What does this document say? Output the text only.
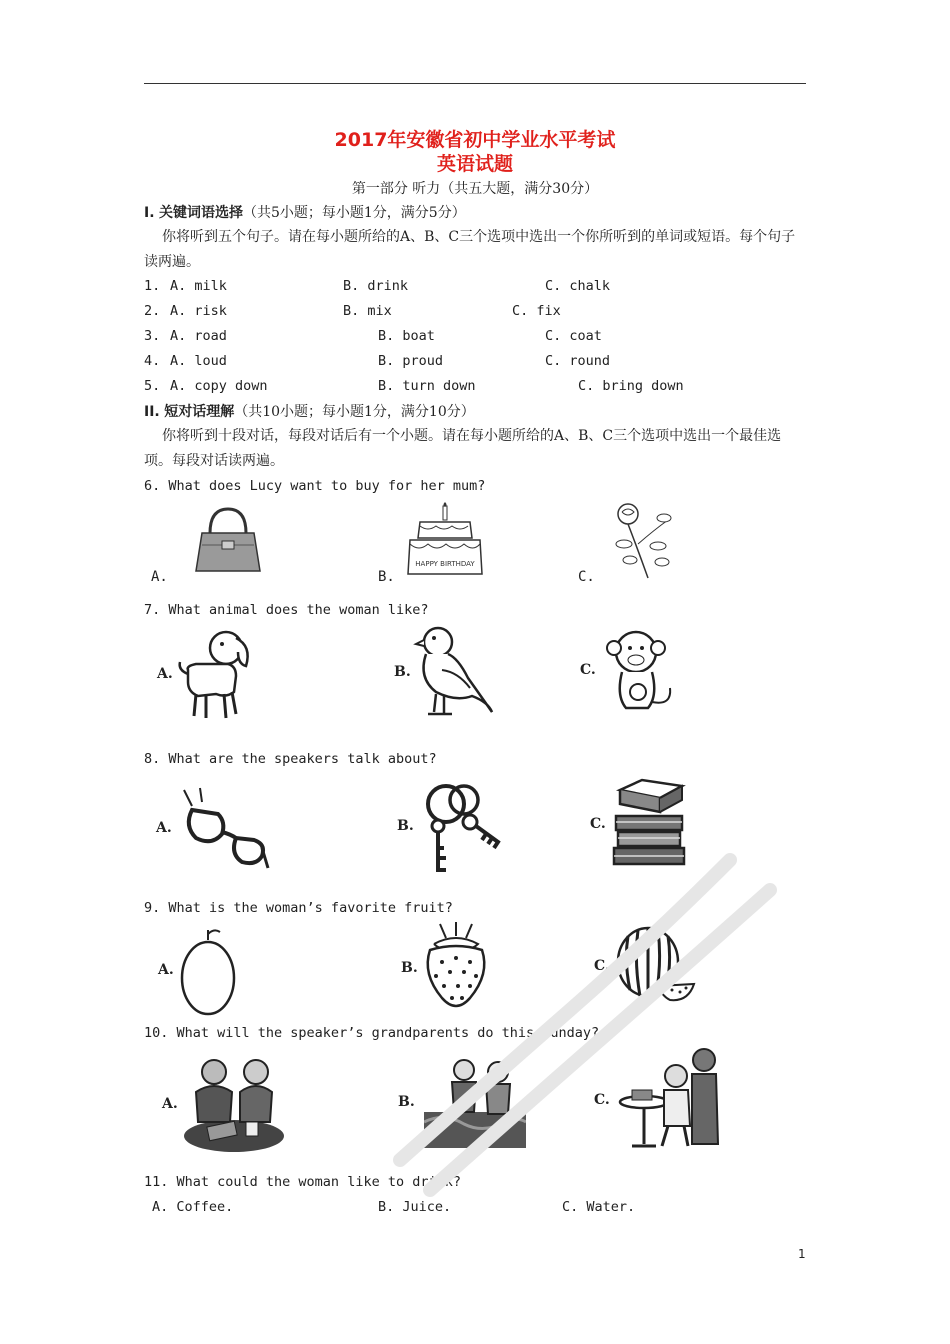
2017年安徽省初中学业水平考试
英语试题
第一部分 听力（共五大题，满分30分）
I. 关键词语选择（共5小题；每小题1分，满分5分）
你将听到五个句子。请在每小题所给的A、B、C三个选项中选出一个你所听到的单词或短语。每个句子读两遍。
1. A. milk	B. drink	C. chalk
2. A. risk	B. mix	C. fix
3. A. road	B. boat	C. coat
4. A. loud	B. proud	C. round
5. A. copy down	B. turn down	C. bring down
II. 短对话理解（共10小题；每小题1分，满分10分）
你将听到十段对话，每段对话后有一个小题。请在每小题所给的A、B、C三个选项中选出一个最佳选项。每段对话读两遍。
6. What does Lucy want to buy for her mum?
A.	B.	C.
HAPPY BIRTHDAY
7. What animal does the woman like?
A.	B.	C.
8. What are the speakers talk about?
A.	B.	C.
9. What is the woman’s favorite fruit?
A.	B.	C.
10. What will the speaker’s grandparents do this Sunday?
A.	B.	C.
11. What could the woman like to drink?
A. Coffee.	B. Juice.	C. Water.
1
